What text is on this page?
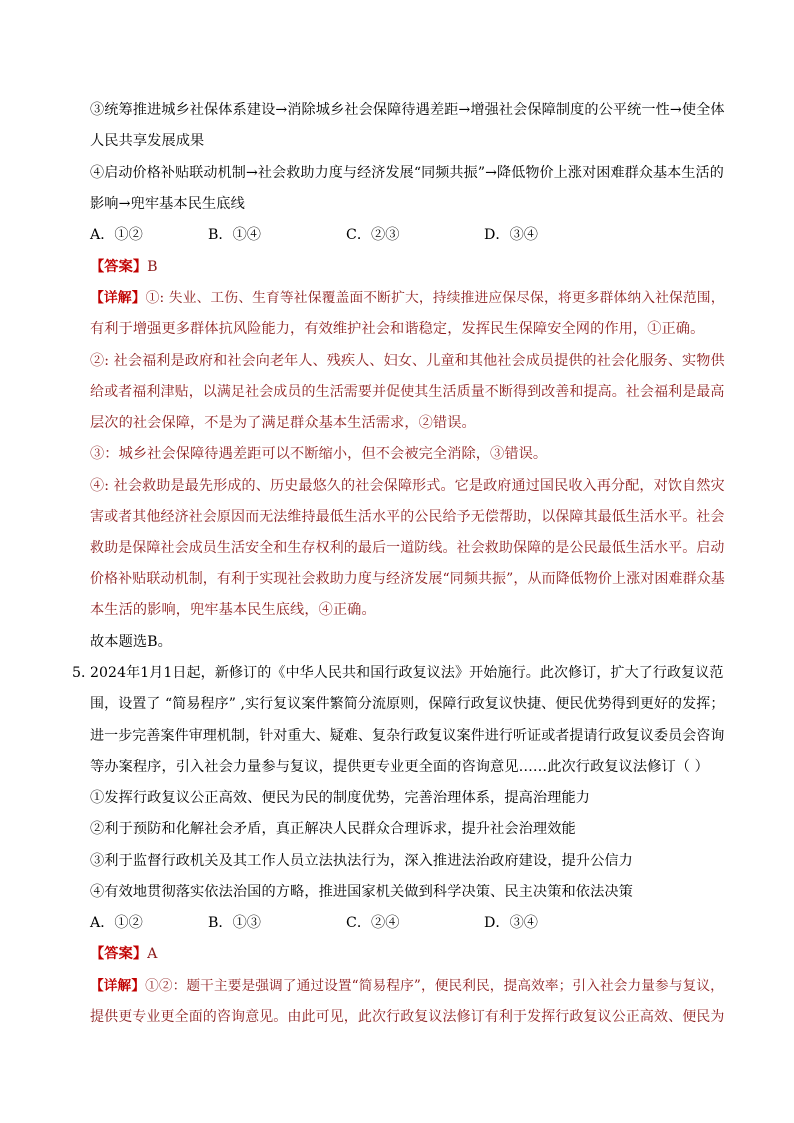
③统筹推进城乡社保体系建设→消除城乡社会保障待遇差距→增强社会保障制度的公平统一性→使全体
人民共享发展成果
④启动价格补贴联动机制→社会救助力度与经济发展“同频共振”→降低物价上涨对困难群众基本生活的
影响→兜牢基本民生底线
A．①②	B．①④	C．②③	D．③④
【答案】B
【详解】①: 失业、工伤、生育等社保覆盖面不断扩大，持续推进应保尽保，将更多群体纳入社保范围，
有利于增强更多群体抗风险能力，有效维护社会和谐稳定，发挥民生保障安全网的作用，①正确。
②: 社会福利是政府和社会向老年人、残疾人、妇女、儿童和其他社会成员提供的社会化服务、实物供
给或者福利津贴，以满足社会成员的生活需要并促使其生活质量不断得到改善和提高。社会福利是最高
层次的社会保障，不是为了满足群众基本生活需求，②错误。
③：城乡社会保障待遇差距可以不断缩小，但不会被完全消除，③错误。
④: 社会救助是最先形成的、历史最悠久的社会保障形式。它是政府通过国民收入再分配，对饮自然灾
害或者其他经济社会原因而无法维持最低生活水平的公民给予无偿帮助，以保障其最低生活水平。社会
救助是保障社会成员生活安全和生存权利的最后一道防线。社会救助保障的是公民最低生活水平。启动
价格补贴联动机制，有利于实现社会救助力度与经济发展“同频共振”，从而降低物价上涨对困难群众基
本生活的影响，兜牢基本民生底线，④正确。
故本题选B。
5．
2024年1月1日起，新修订的《中华人民共和国行政复议法》开始施行。此次修订，扩大了行政复议范
围，设置了 “简易程序” ,实行复议案件繁简分流原则，保障行政复议快捷、便民优势得到更好的发挥；
进一步完善案件审理机制，针对重大、疑难、复杂行政复议案件进行听证或者提请行政复议委员会咨询
等办案程序，引入社会力量参与复议，提供更专业更全面的咨询意见……此次行政复议法修订（ ）
①发挥行政复议公正高效、便民为民的制度优势，完善治理体系，提高治理能力
②利于预防和化解社会矛盾，真正解决人民群众合理诉求，提升社会治理效能
③利于监督行政机关及其工作人员立法执法行为，深入推进法治政府建设，提升公信力
④有效地贯彻落实依法治国的方略，推进国家机关做到科学决策、民主决策和依法决策
A．①②	B．①③	C．②④	D．③④
【答案】A
【详解】①②：题干主要是强调了通过设置“简易程序”，便民利民，提高效率；引入社会力量参与复议，
提供更专业更全面的咨询意见。由此可见，此次行政复议法修订有利于发挥行政复议公正高效、便民为
